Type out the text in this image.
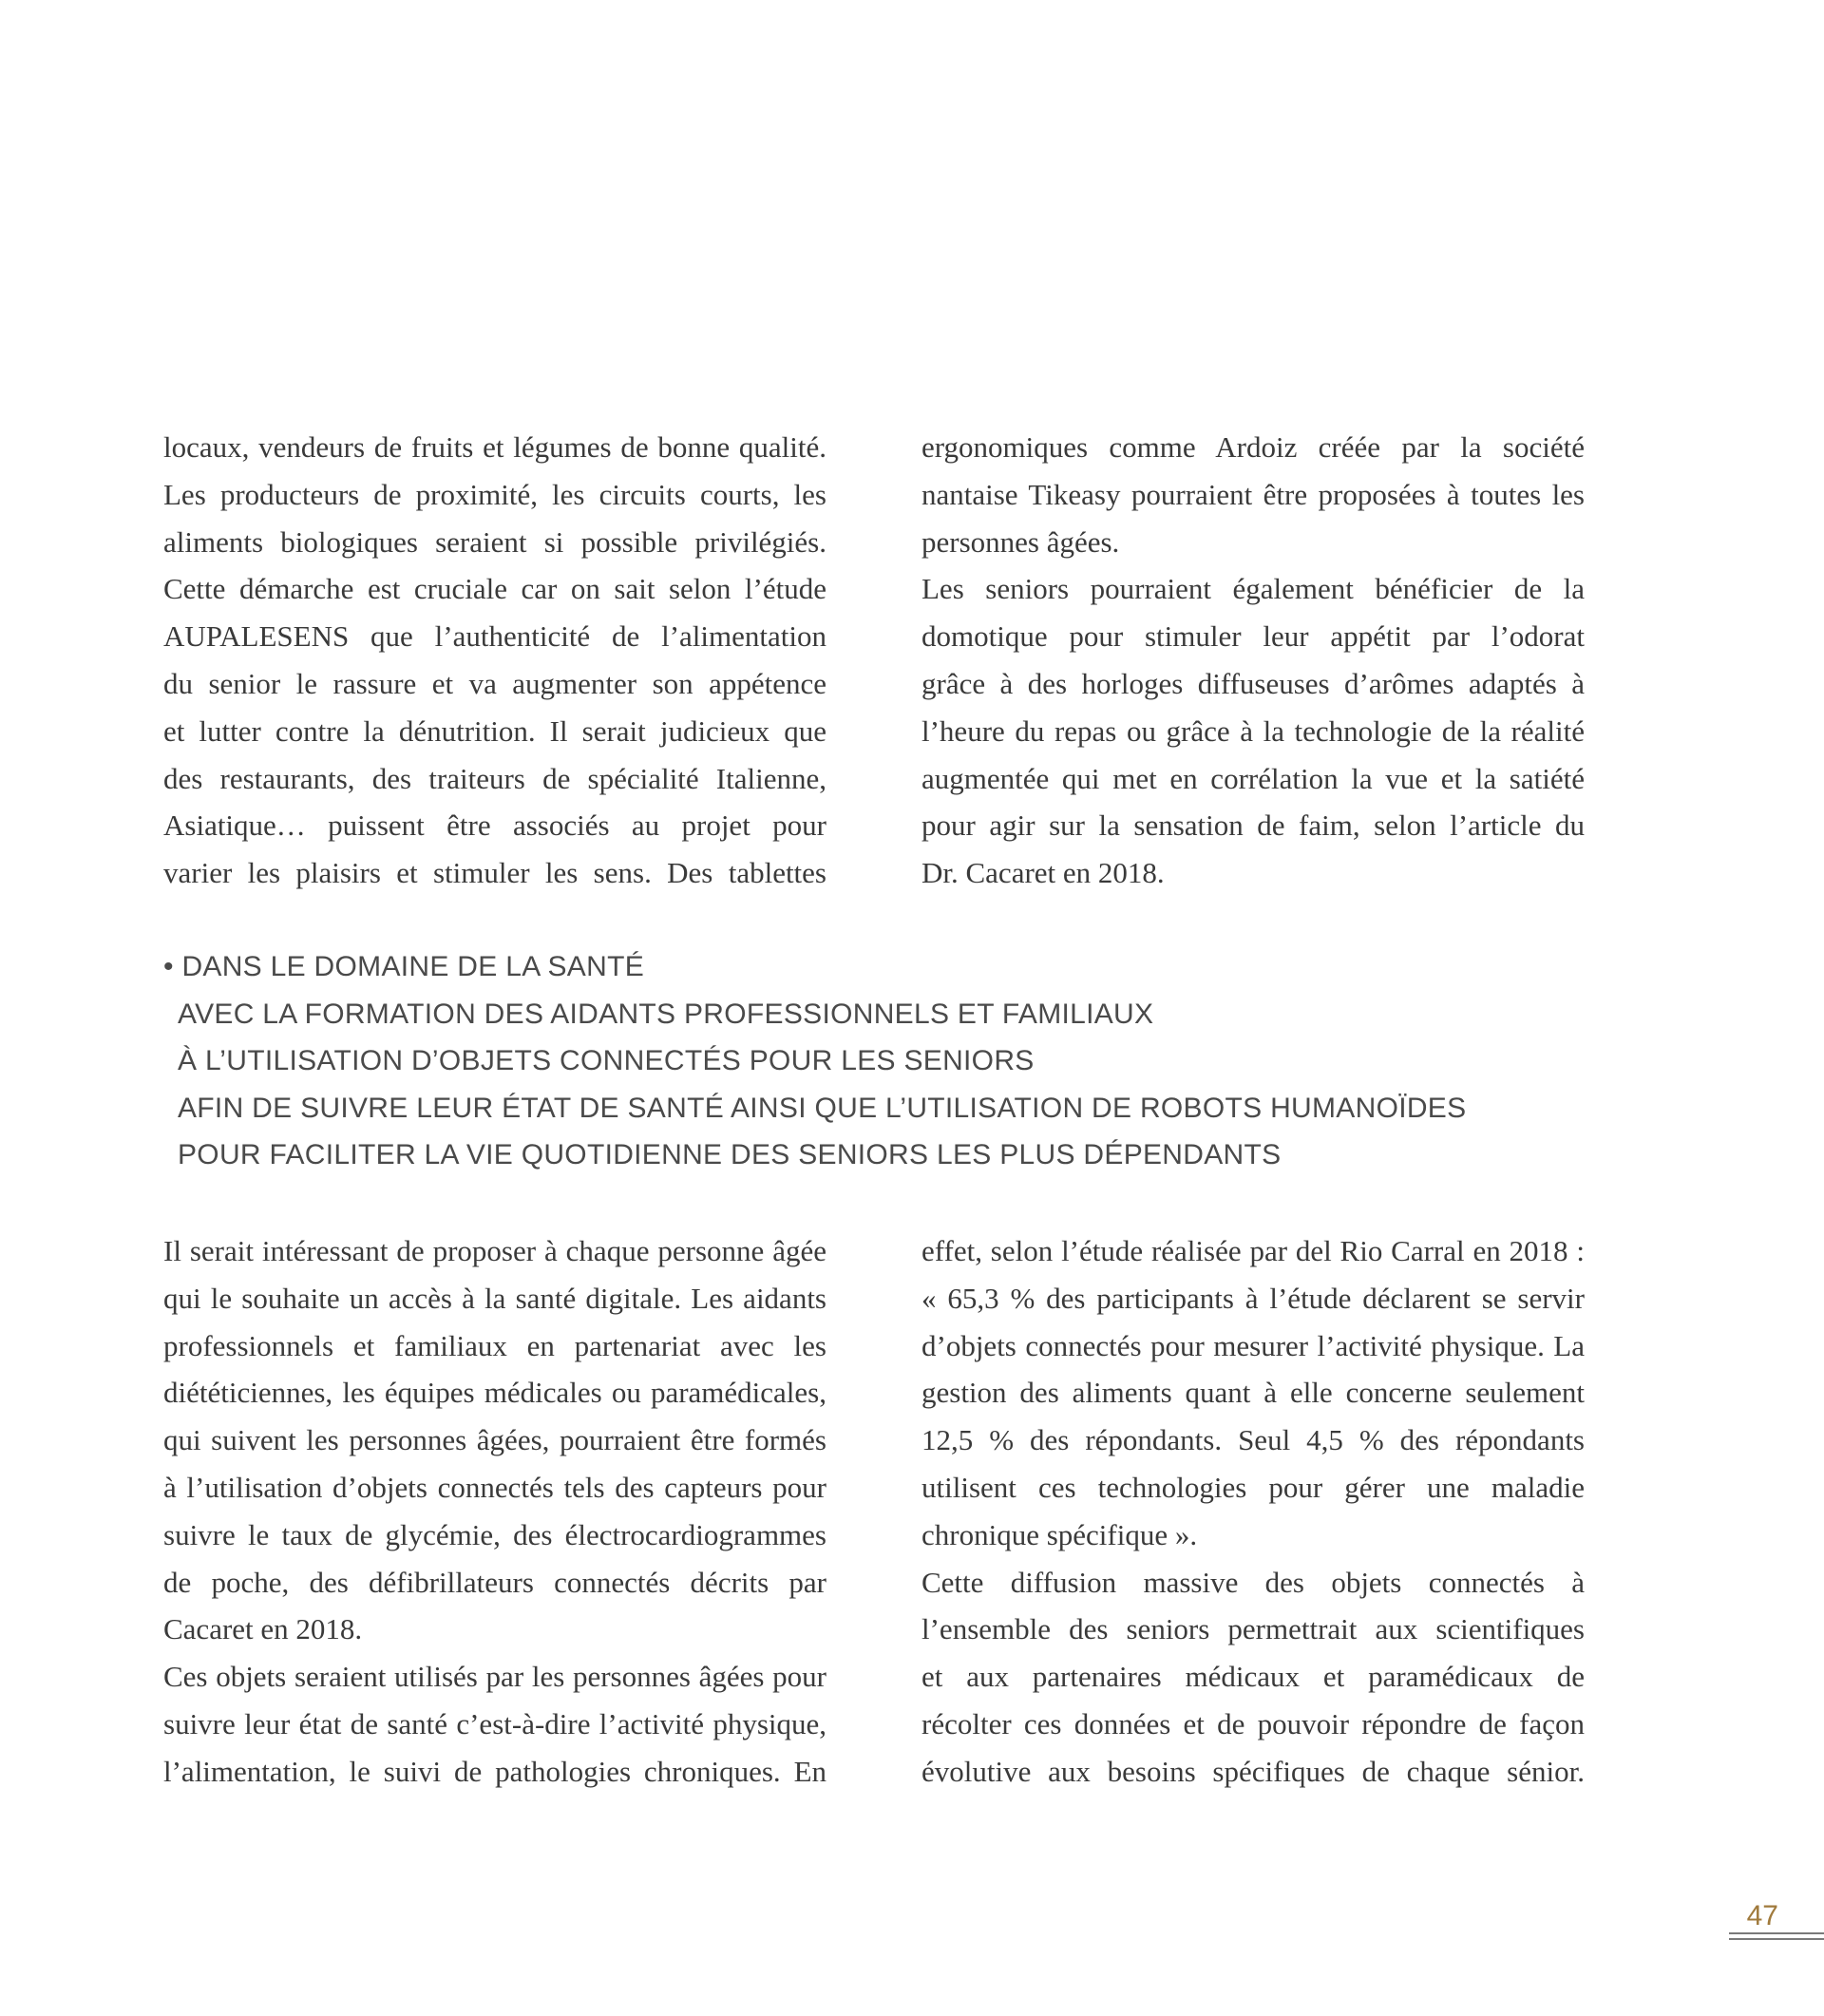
locaux, vendeurs de fruits et légumes de bonne qualité.
Les producteurs de proximité, les circuits courts, les
aliments biologiques seraient si possible privilégiés.
Cette démarche est cruciale car on sait selon l’étude
AUPALESENS que l’authenticité de l’alimentation
du senior le rassure et va augmenter son appétence
et lutter contre la dénutrition. Il serait judicieux que
des restaurants, des traiteurs de spécialité Italienne,
Asiatique… puissent être associés au projet pour
varier les plaisirs et stimuler les sens. Des tablettes
ergonomiques comme Ardoiz créée par la société
nantaise Tikeasy pourraient être proposées à toutes les
personnes âgées.
Les seniors pourraient également bénéficier de la
domotique pour stimuler leur appétit par l’odorat
grâce à des horloges diffuseuses d’arômes adaptés à
l’heure du repas ou grâce à la technologie de la réalité
augmentée qui met en corrélation la vue et la satiété
pour agir sur la sensation de faim, selon l’article du
Dr. Cacaret en 2018.
• DANS LE DOMAINE DE LA SANTÉ
AVEC LA FORMATION DES AIDANTS PROFESSIONNELS ET FAMILIAUX
À L’UTILISATION D’OBJETS CONNECTÉS POUR LES SENIORS
AFIN DE SUIVRE LEUR ÉTAT DE SANTÉ AINSI QUE L’UTILISATION DE ROBOTS HUMANOÏDES
POUR FACILITER LA VIE QUOTIDIENNE DES SENIORS LES PLUS DÉPENDANTS
Il serait intéressant de proposer à chaque personne âgée
qui le souhaite un accès à la santé digitale. Les aidants
professionnels et familiaux en partenariat avec les
diététiciennes, les équipes médicales ou paramédicales,
qui suivent les personnes âgées, pourraient être formés
à l’utilisation d’objets connectés tels des capteurs pour
suivre le taux de glycémie, des électrocardiogrammes
de poche, des défibrillateurs connectés décrits par
Cacaret en 2018.
Ces objets seraient utilisés par les personnes âgées pour
suivre leur état de santé c’est-à-dire l’activité physique,
l’alimentation, le suivi de pathologies chroniques. En
effet, selon l’étude réalisée par del Rio Carral en 2018 :
« 65,3 % des participants à l’étude déclarent se servir
d’objets connectés pour mesurer l’activité physique. La
gestion des aliments quant à elle concerne seulement
12,5 % des répondants. Seul 4,5 % des répondants
utilisent ces technologies pour gérer une maladie
chronique spécifique ».
Cette diffusion massive des objets connectés à
l’ensemble des seniors permettrait aux scientifiques
et aux partenaires médicaux et paramédicaux de
récolter ces données et de pouvoir répondre de façon
évolutive aux besoins spécifiques de chaque sénior.
47
